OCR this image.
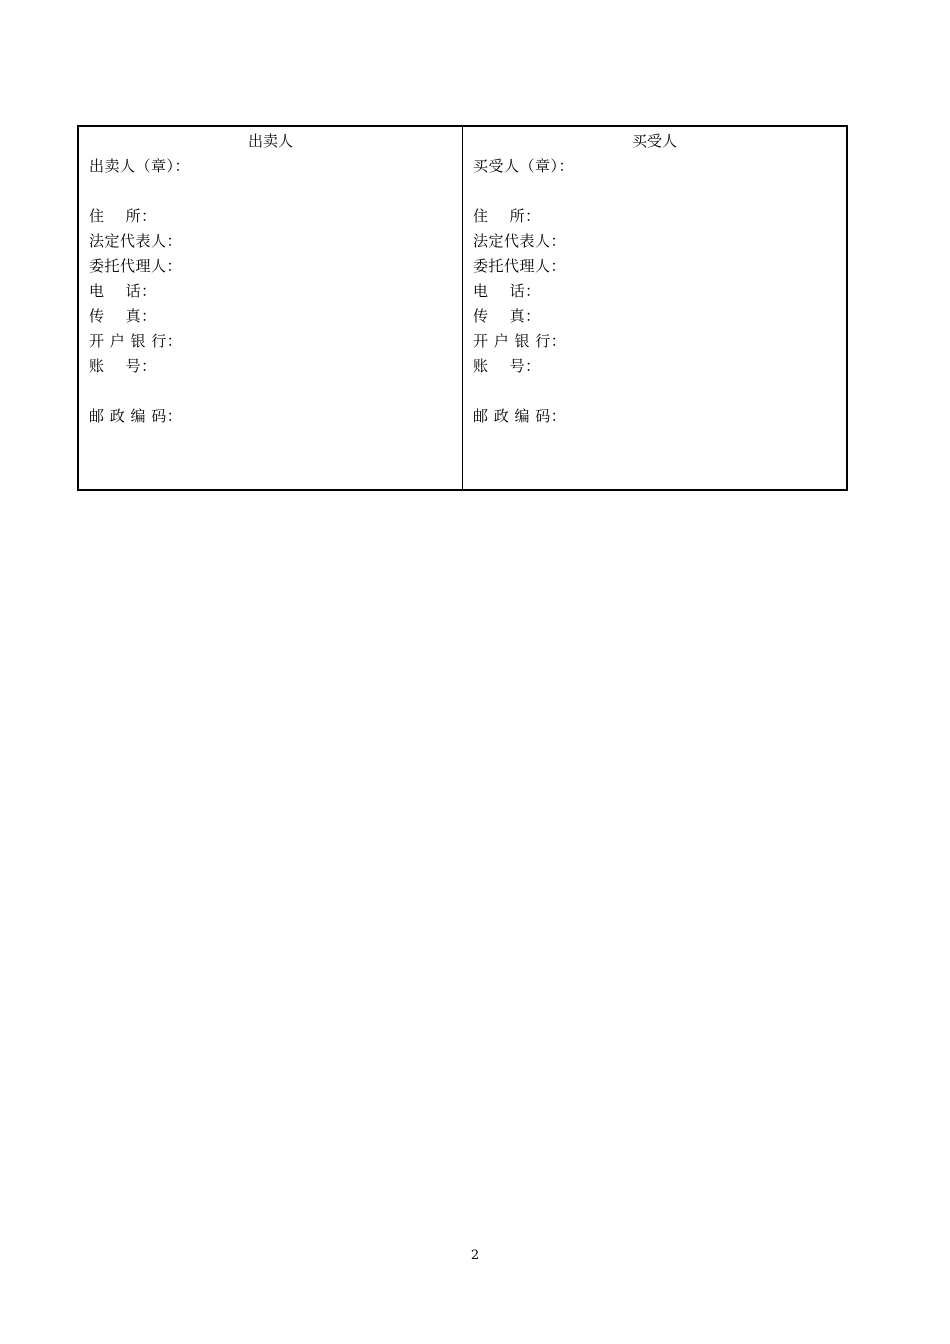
出卖人
出卖人（章）：
住    所：
法定代表人：
委托代理人：
电    话：
传    真：
开 户 银 行：
账    号：
邮 政 编 码：
买受人
买受人（章）：
住    所：
法定代表人：
委托代理人：
电    话：
传    真：
开 户 银 行：
账    号：
邮 政 编 码：
2
